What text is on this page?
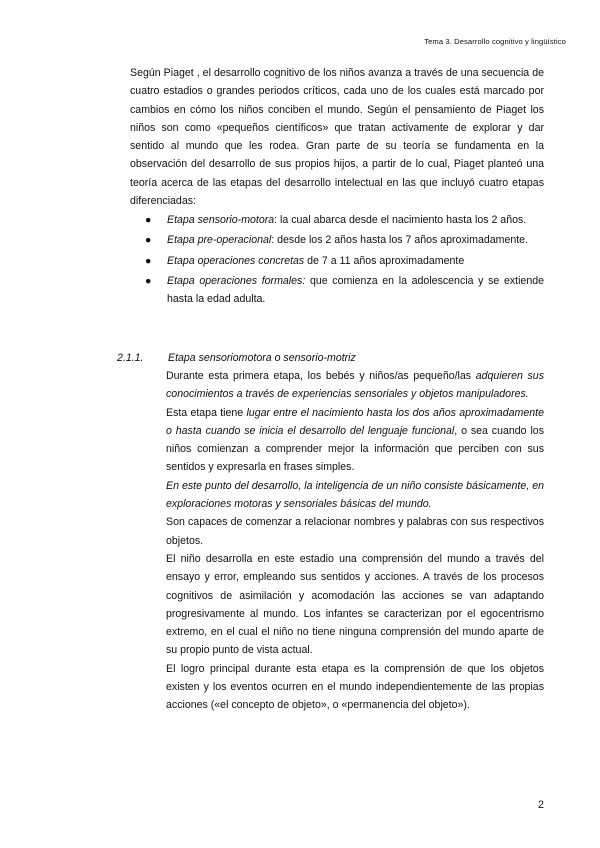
Tema 3. Desarrollo cognitivo y lingüístico

Según Piaget , el desarrollo cognitivo de los niños avanza a través de una secuencia de cuatro estadios o grandes periodos críticos, cada uno de los cuales está marcado por cambios en cómo los niños conciben el mundo. Según el pensamiento de Piaget los niños son como «pequeños científicos» que tratan activamente de explorar y dar sentido al mundo que les rodea. Gran parte de su teoría se fundamenta en la observación del desarrollo de sus propios hijos, a partir de lo cual, Piaget planteó una teoría acerca de las etapas del desarrollo intelectual en las que incluyó cuatro etapas diferenciadas:

● Etapa sensorio-motora: la cual abarca desde el nacimiento hasta los 2 años.
● Etapa pre-operacional: desde los 2 años hasta los 7 años aproximadamente.
● Etapa operaciones concretas de 7 a 11 años aproximadamente
● Etapa operaciones formales: que comienza en la adolescencia y se extiende hasta la edad adulta.
2.1.1. Etapa sensoriomotora o sensorio-motriz

Durante esta primera etapa, los bebés y niños/as pequeño/las adquieren sus conocimientos a través de experiencias sensoriales y objetos manipuladores.

Esta etapa tiene lugar entre el nacimiento hasta los dos años aproximadamente o hasta cuando se inicia el desarrollo del lenguaje funcional, o sea cuando los niños comienzan a comprender mejor la información que perciben con sus sentidos y expresarla en frases simples.

En este punto del desarrollo, la inteligencia de un niño consiste básicamente, en exploraciones motoras y sensoriales básicas del mundo.

Son capaces de comenzar a relacionar nombres y palabras con sus respectivos objetos.

El niño desarrolla en este estadio una comprensión del mundo a través del ensayo y error, empleando sus sentidos y acciones. A través de los procesos cognitivos de asimilación y acomodación las acciones se van adaptando progresivamente al mundo. Los infantes se caracterizan por el egocentrismo extremo, en el cual el niño no tiene ninguna comprensión del mundo aparte de su propio punto de vista actual.

El logro principal durante esta etapa es la comprensión de que los objetos existen y los eventos ocurren en el mundo independientemente de las propias acciones («el concepto de objeto», o «permanencia del objeto»).

2
